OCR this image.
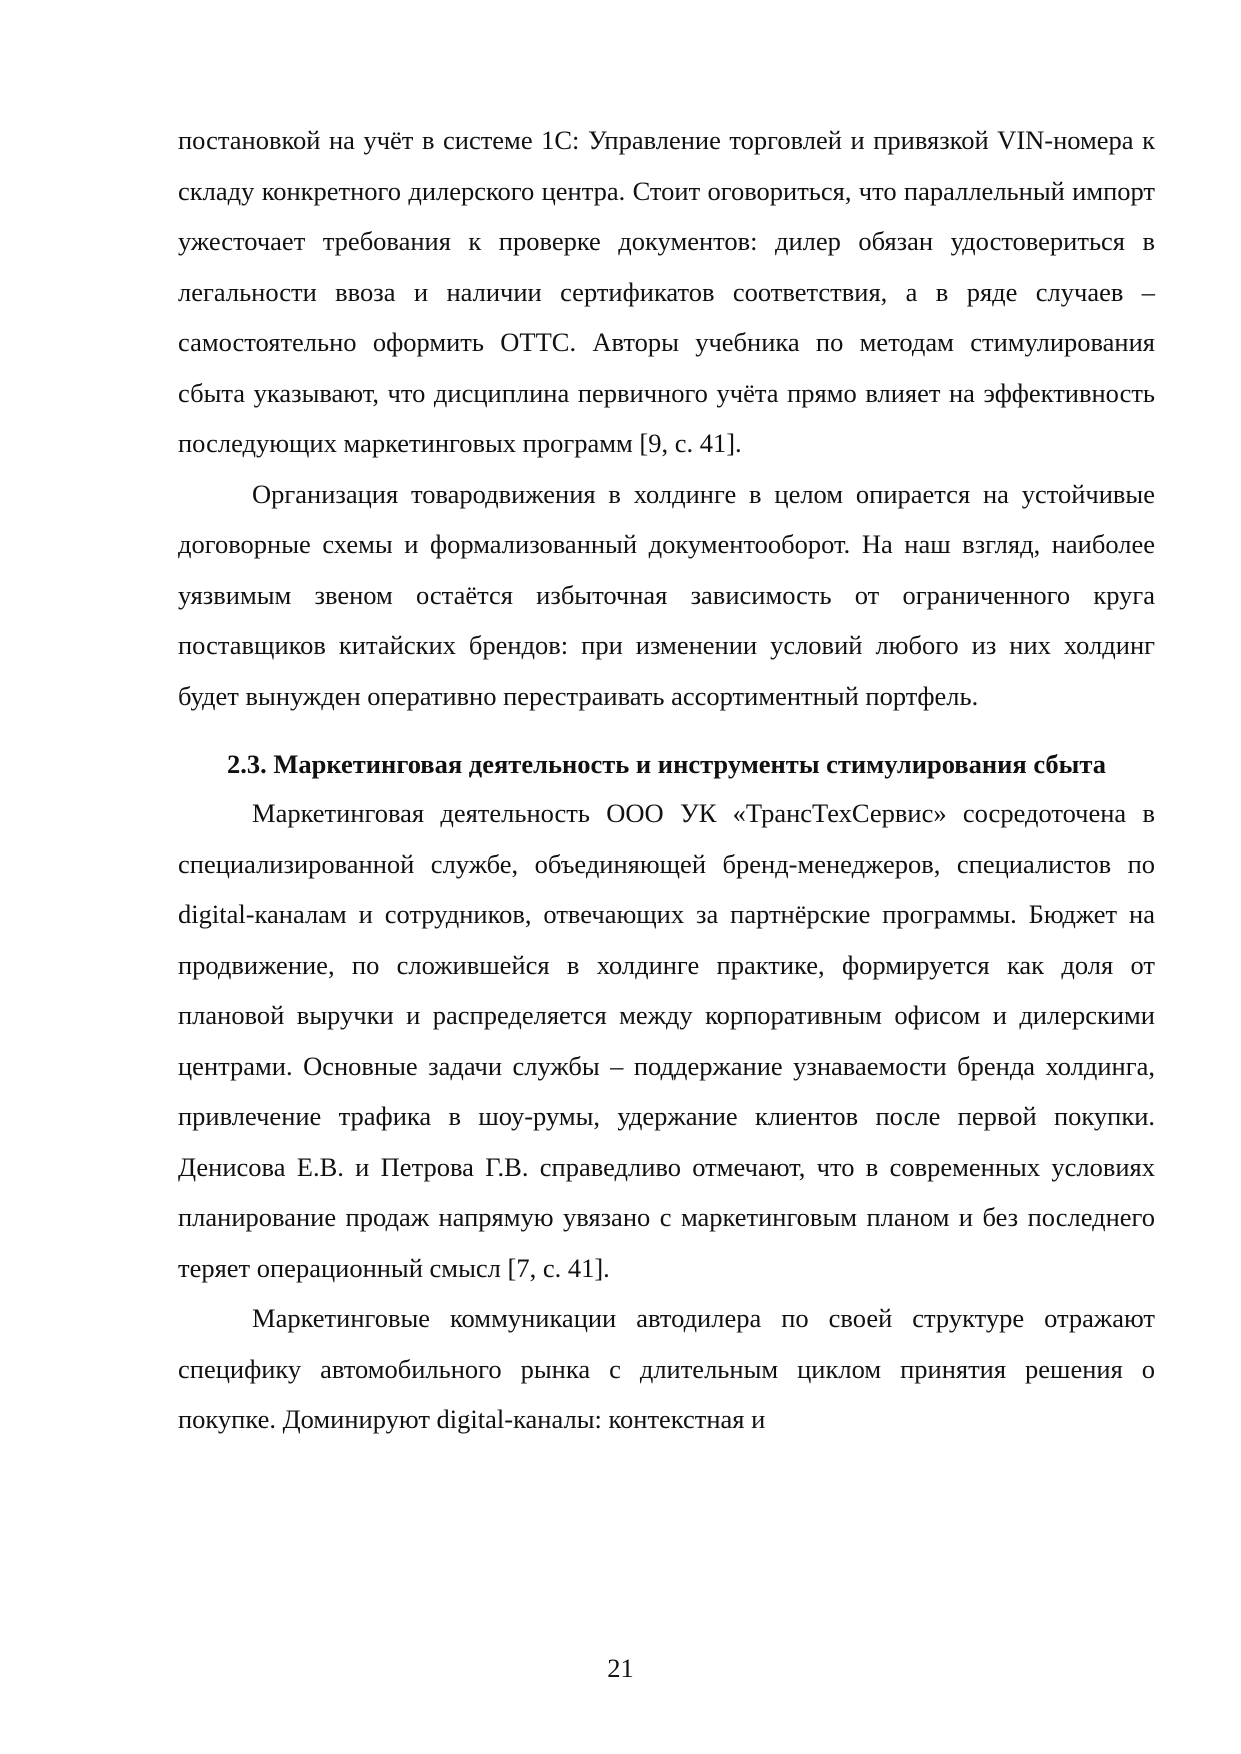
постановкой на учёт в системе 1С: Управление торговлей и привязкой VIN-номера к складу конкретного дилерского центра. Стоит оговориться, что параллельный импорт ужесточает требования к проверке документов: дилер обязан удостовериться в легальности ввоза и наличии сертификатов соответствия, а в ряде случаев – самостоятельно оформить ОТТС. Авторы учебника по методам стимулирования сбыта указывают, что дисциплина первичного учёта прямо влияет на эффективность последующих маркетинговых программ [9, с. 41].

Организация товародвижения в холдинге в целом опирается на устойчивые договорные схемы и формализованный документооборот. На наш взгляд, наиболее уязвимым звеном остаётся избыточная зависимость от ограниченного круга поставщиков китайских брендов: при изменении условий любого из них холдинг будет вынужден оперативно перестраивать ассортиментный портфель.

2.3. Маркетинговая деятельность и инструменты стимулирования сбыта

Маркетинговая деятельность ООО УК «ТрансТехСервис» сосредоточена в специализированной службе, объединяющей бренд-менеджеров, специалистов по digital-каналам и сотрудников, отвечающих за партнёрские программы. Бюджет на продвижение, по сложившейся в холдинге практике, формируется как доля от плановой выручки и распределяется между корпоративным офисом и дилерскими центрами. Основные задачи службы – поддержание узнаваемости бренда холдинга, привлечение трафика в шоу-румы, удержание клиентов после первой покупки. Денисова Е.В. и Петрова Г.В. справедливо отмечают, что в современных условиях планирование продаж напрямую увязано с маркетинговым планом и без последнего теряет операционный смысл [7, с. 41].

Маркетинговые коммуникации автодилера по своей структуре отражают специфику автомобильного рынка с длительным циклом принятия решения о покупке. Доминируют digital-каналы: контекстная и

21
